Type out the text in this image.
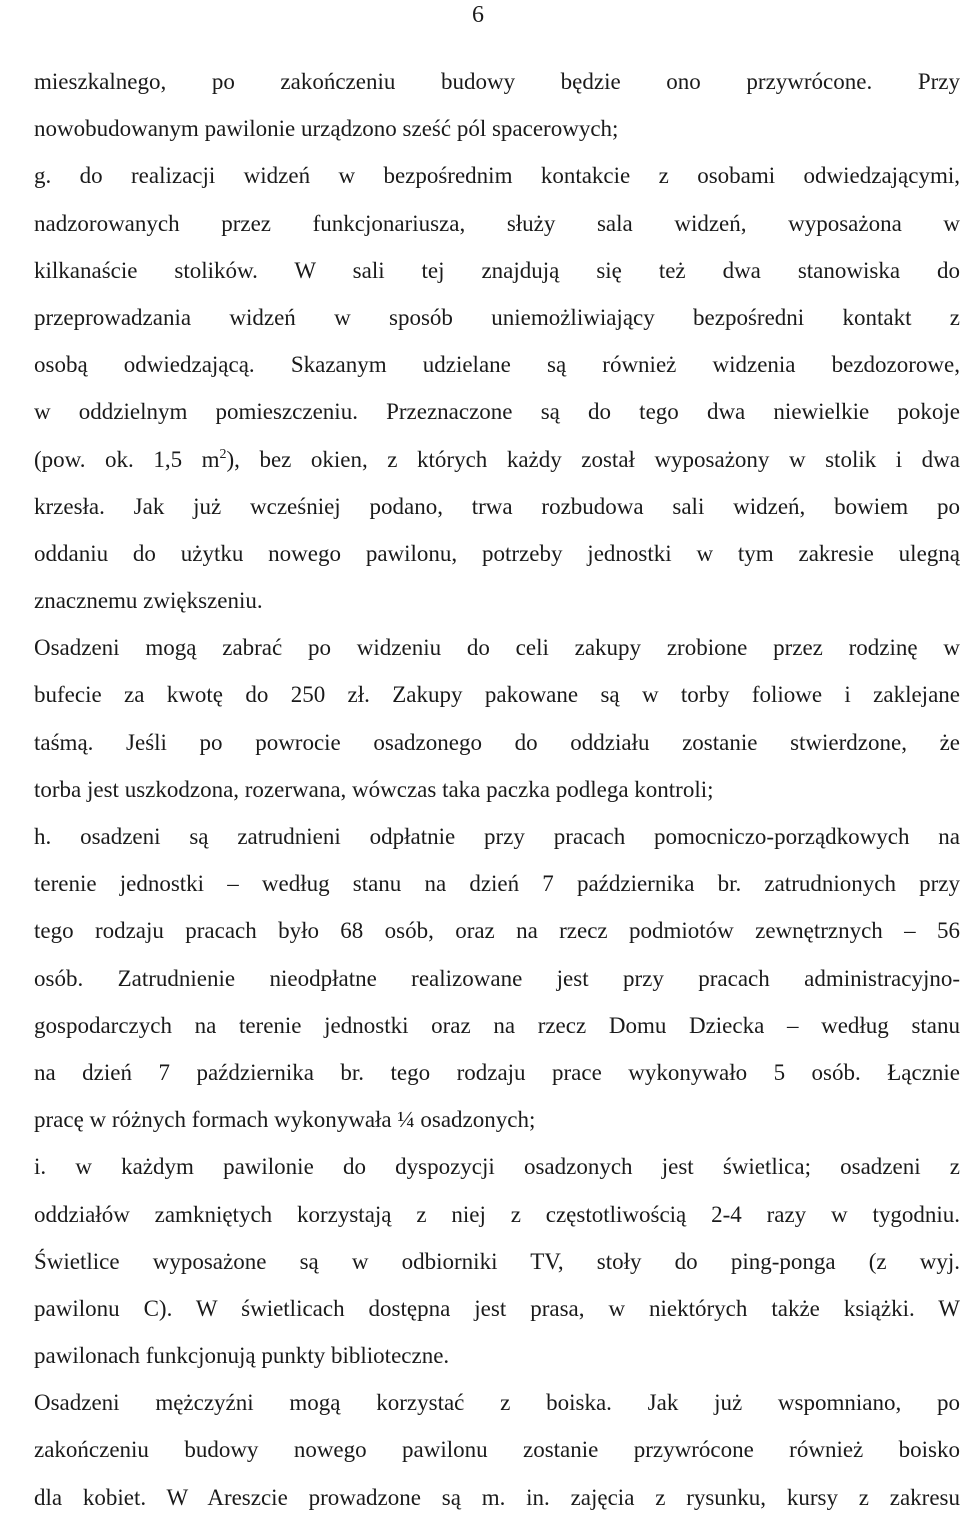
6
mieszkalnego, po zakończeniu budowy będzie ono przywrócone. Przy
nowobudowanym pawilonie urządzono sześć pól spacerowych;
g. do realizacji widzeń w bezpośrednim kontakcie z osobami odwiedzającymi,
nadzorowanych przez funkcjonariusza, służy sala widzeń, wyposażona w
kilkanaście stolików. W sali tej znajdują się też dwa stanowiska do
przeprowadzania widzeń w sposób uniemożliwiający bezpośredni kontakt z
osobą odwiedzającą. Skazanym udzielane są również widzenia bezdozorowe,
w oddzielnym pomieszczeniu. Przeznaczone są do tego dwa niewielkie pokoje
(pow. ok. 1,5 $m^2$), bez okien, z których każdy został wyposażony w stolik i dwa
krzesła. Jak już wcześniej podano, trwa rozbudowa sali widzeń, bowiem po
oddaniu do użytku nowego pawilonu, potrzeby jednostki w tym zakresie ulegną
znacznemu zwiększeniu.
Osadzeni mogą zabrać po widzeniu do celi zakupy zrobione przez rodzinę w
bufecie za kwotę do 250 zł. Zakupy pakowane są w torby foliowe i zaklejane
taśmą. Jeśli po powrocie osadzonego do oddziału zostanie stwierdzone, że
torba jest uszkodzona, rozerwana, wówczas taka paczka podlega kontroli;
h. osadzeni są zatrudnieni odpłatnie przy pracach pomocniczo-porządkowych na
terenie jednostki – według stanu na dzień 7 października br. zatrudnionych przy
tego rodzaju pracach było 68 osób, oraz na rzecz podmiotów zewnętrznych – 56
osób. Zatrudnienie nieodpłatne realizowane jest przy pracach administracyjno-
gospodarczych na terenie jednostki oraz na rzecz Domu Dziecka – według stanu
na dzień 7 października br. tego rodzaju prace wykonywało 5 osób. Łącznie
pracę w różnych formach wykonywała ¼ osadzonych;
i. w każdym pawilonie do dyspozycji osadzonych jest świetlica; osadzeni z
oddziałów zamkniętych korzystają z niej z częstotliwością 2-4 razy w tygodniu.
Świetlice wyposażone są w odbiorniki TV, stoły do ping-ponga (z wyj.
pawilonu C). W świetlicach dostępna jest prasa, w niektórych także książki. W
pawilonach funkcjonują punkty biblioteczne.
Osadzeni mężczyźni mogą korzystać z boiska. Jak już wspomniano, po
zakończeniu budowy nowego pawilonu zostanie przywrócone również boisko
dla kobiet. W Areszcie prowadzone są m. in. zajęcia z rysunku, kursy z zakresu
